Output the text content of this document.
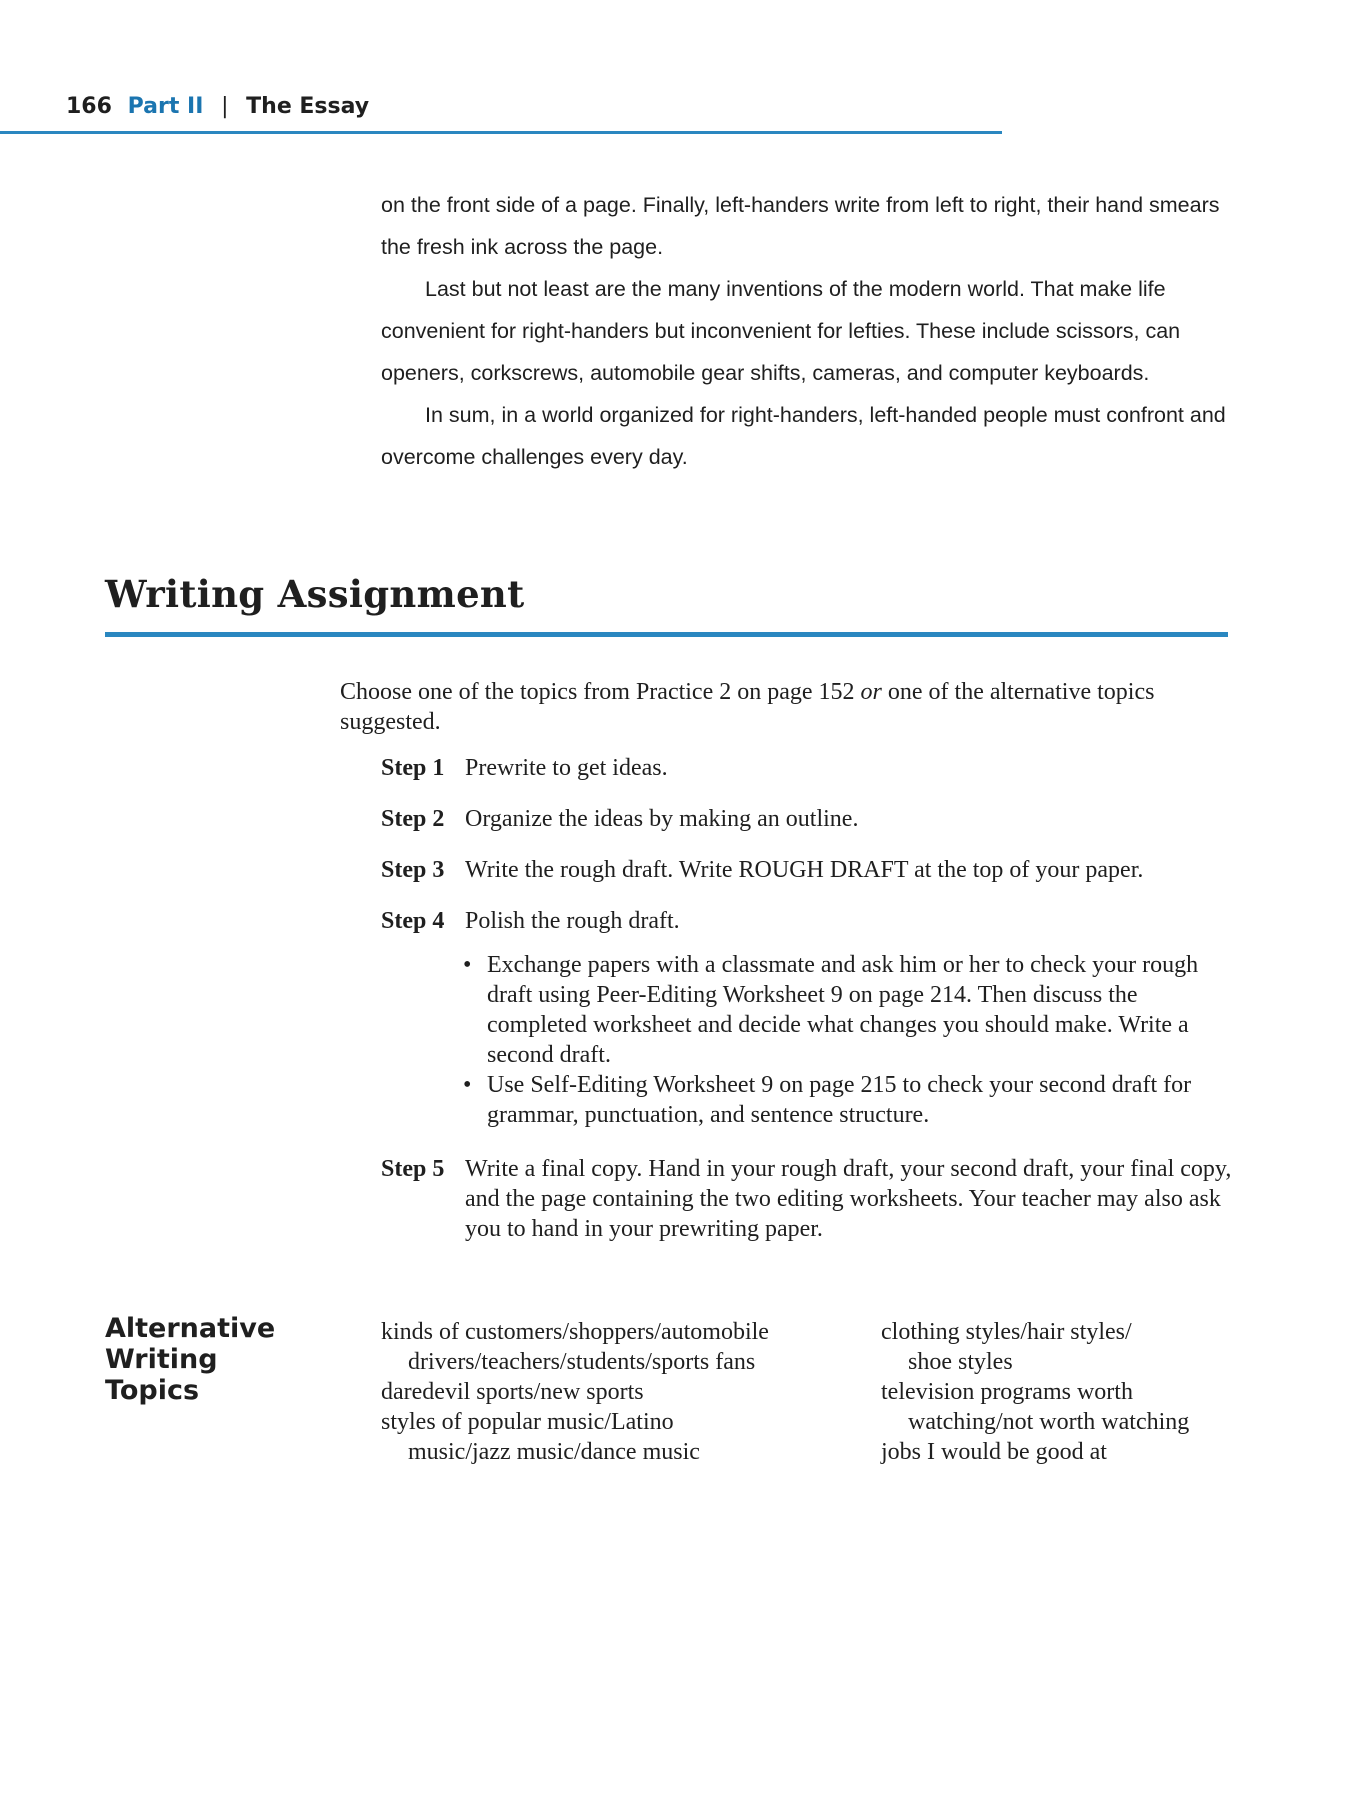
166 Part II | The Essay

on the front side of a page. Finally, left-handers write from left to right, their hand smears the fresh ink across the page.

Last but not least are the many inventions of the modern world. That make life convenient for right-handers but inconvenient for lefties. These include scissors, can openers, corkscrews, automobile gear shifts, cameras, and computer keyboards.

In sum, in a world organized for right-handers, left-handed people must confront and overcome challenges every day.

Writing Assignment
Choose one of the topics from Practice 2 on page 152 or one of the alternative topics suggested.
Step 1 Prewrite to get ideas.
Step 2 Organize the ideas by making an outline.
Step 3 Write the rough draft. Write ROUGH DRAFT at the top of your paper.
Step 4 Polish the rough draft.
• Exchange papers with a classmate and ask him or her to check your rough draft using Peer-Editing Worksheet 9 on page 214. Then discuss the completed worksheet and decide what changes you should make. Write a second draft.
• Use Self-Editing Worksheet 9 on page 215 to check your second draft for grammar, punctuation, and sentence structure.
Step 5 Write a final copy. Hand in your rough draft, your second draft, your final copy, and the page containing the two editing worksheets. Your teacher may also ask you to hand in your prewriting paper.
Alternative
Writing
Topics
kinds of customers/shoppers/automobile
drivers/teachers/students/sports fans
daredevil sports/new sports
styles of popular music/Latino
music/jazz music/dance music
clothing styles/hair styles/
shoe styles
television programs worth
watching/not worth watching
jobs I would be good at
